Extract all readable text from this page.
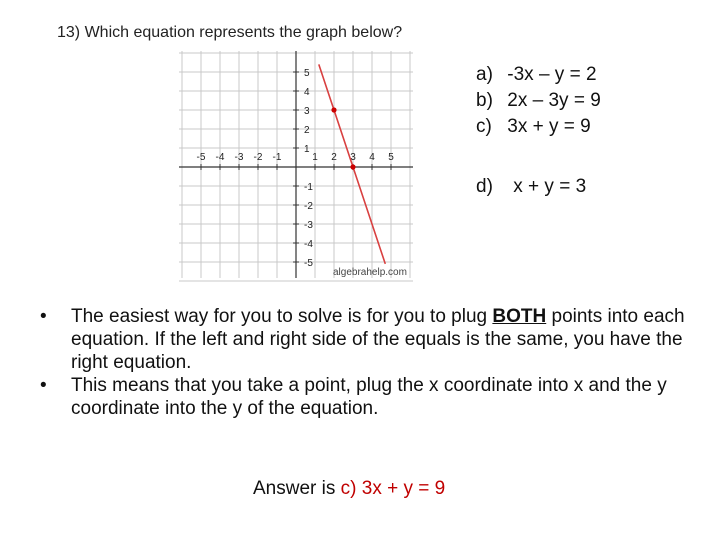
13) Which equation represents the graph below?
-5 -4 -3 -2 -1	1 2 3 4 5
5
4
3
2
1
-1
-2
-3
-4
-5
algebrahelp.com
a) -3x – y = 2
b) 2x – 3y = 9
c) 3x + y = 9
d) x + y = 3
• The easiest way for you to solve is for you to plug BOTH points into each equation. If the left and right side of the equals is the same, you have the right equation.
• This means that you take a point, plug the x coordinate into x and the y coordinate into the y of the equation.
Answer is c) 3x + y = 9
